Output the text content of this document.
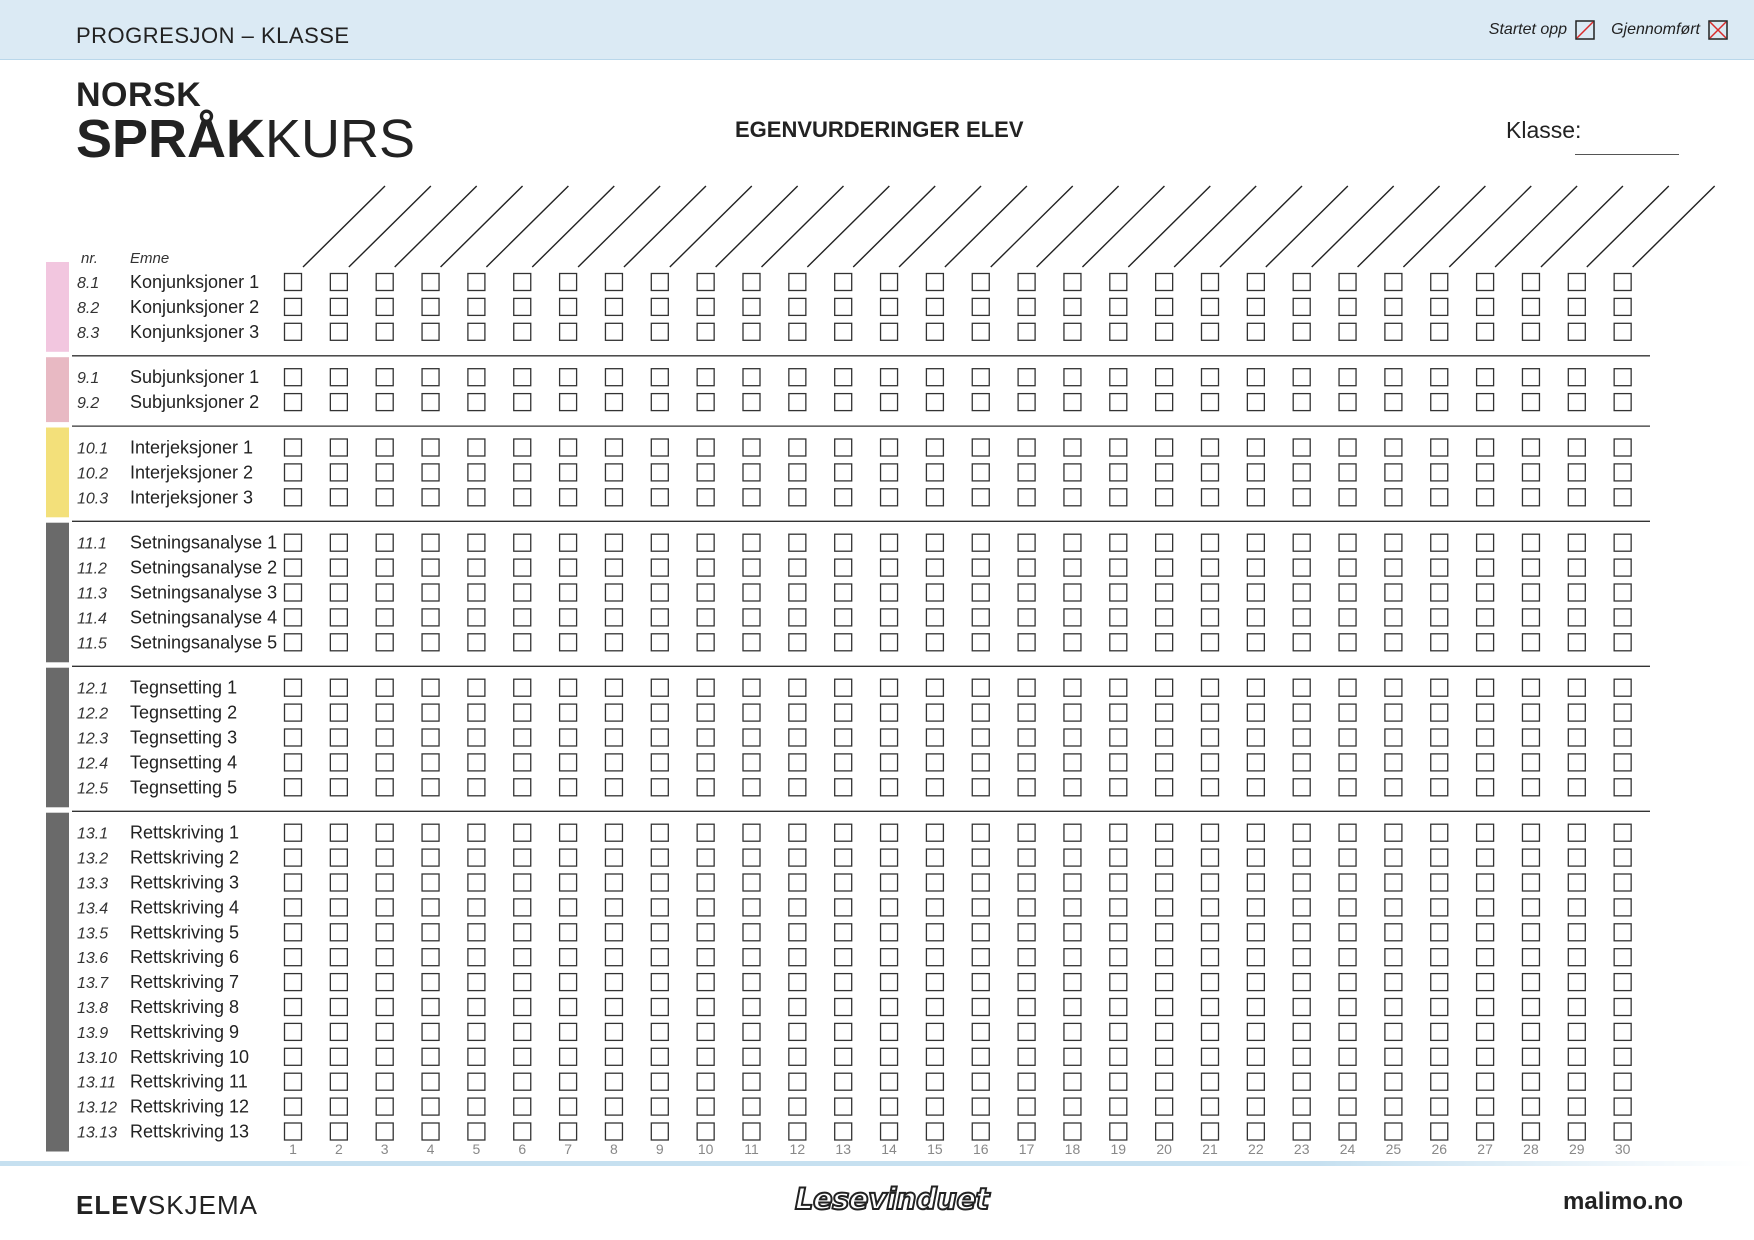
PROGRESJON – KLASSE	Startet opp	Gjennomført
NORSK
SPRÅKKURS	EGENVURDERINGER ELEV	Klasse:
nr. Emne
8.1 Konjunksjoner 1
8.2 Konjunksjoner 2
8.3 Konjunksjoner 3
9.1 Subjunksjoner 1
9.2 Subjunksjoner 2
10.1 Interjeksjoner 1
10.2 Interjeksjoner 2
10.3 Interjeksjoner 3
11.1 Setningsanalyse 1
11.2 Setningsanalyse 2
11.3 Setningsanalyse 3
11.4 Setningsanalyse 4
11.5 Setningsanalyse 5
12.1 Tegnsetting 1
12.2 Tegnsetting 2
12.3 Tegnsetting 3
12.4 Tegnsetting 4
12.5 Tegnsetting 5
13.1 Rettskriving 1
13.2 Rettskriving 2
13.3 Rettskriving 3
13.4 Rettskriving 4
13.5 Rettskriving 5
13.6 Rettskriving 6
13.7 Rettskriving 7
13.8 Rettskriving 8
13.9 Rettskriving 9
13.10 Rettskriving 10
13.11 Rettskriving 11
13.12 Rettskriving 12
13.13 Rettskriving 13
1	2	3	4	5	6	7	8	9 10 11 12 13 14 15 16 17 18 19 20 21 22 23 24 25 26 27 28 29 30
ELEVSKJEMA	Lesevinduet	malimo.no
